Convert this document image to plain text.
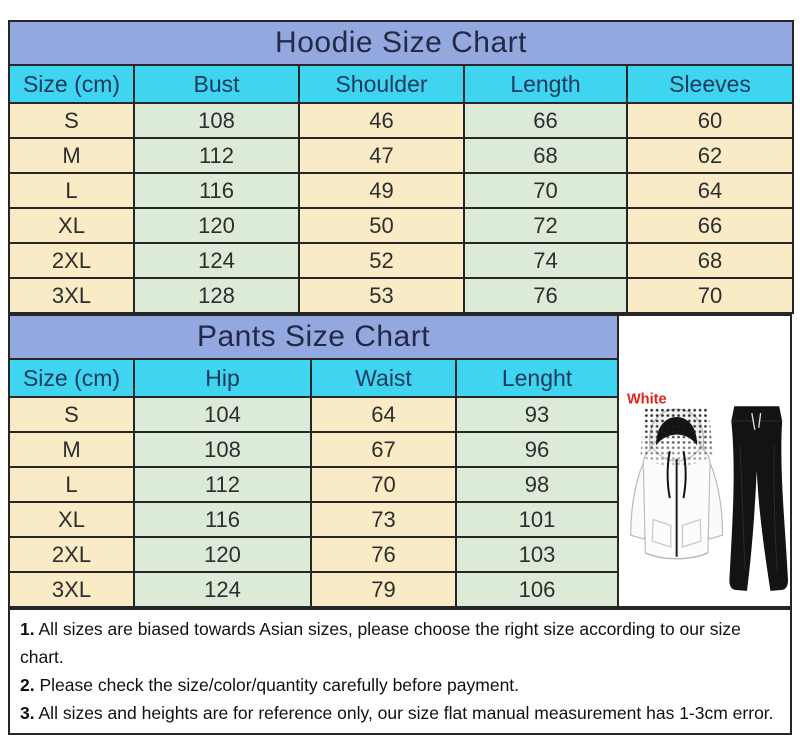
Hoodie Size Chart				
Size (cm)	Bust	Shoulder	Length	Sleeves
S	108	46	66	60
M	112	47	68	62
L	116	49	70	64
XL	120	50	72	66
2XL	124	52	74	68
3XL	128	53	76	70
Pants Size Chart			
Size (cm)	Hip	Waist	Lenght
S	104	64	93
M	108	67	96
L	112	70	98
XL	116	73	101
2XL	120	76	103
3XL	124	79	106
White

1. All sizes are biased towards Asian sizes, please choose the right size according to our size chart.

2. Please check the size/color/quantity carefully before payment.

3. All sizes and heights are for reference only, our size flat manual measurement has 1-3cm error.
